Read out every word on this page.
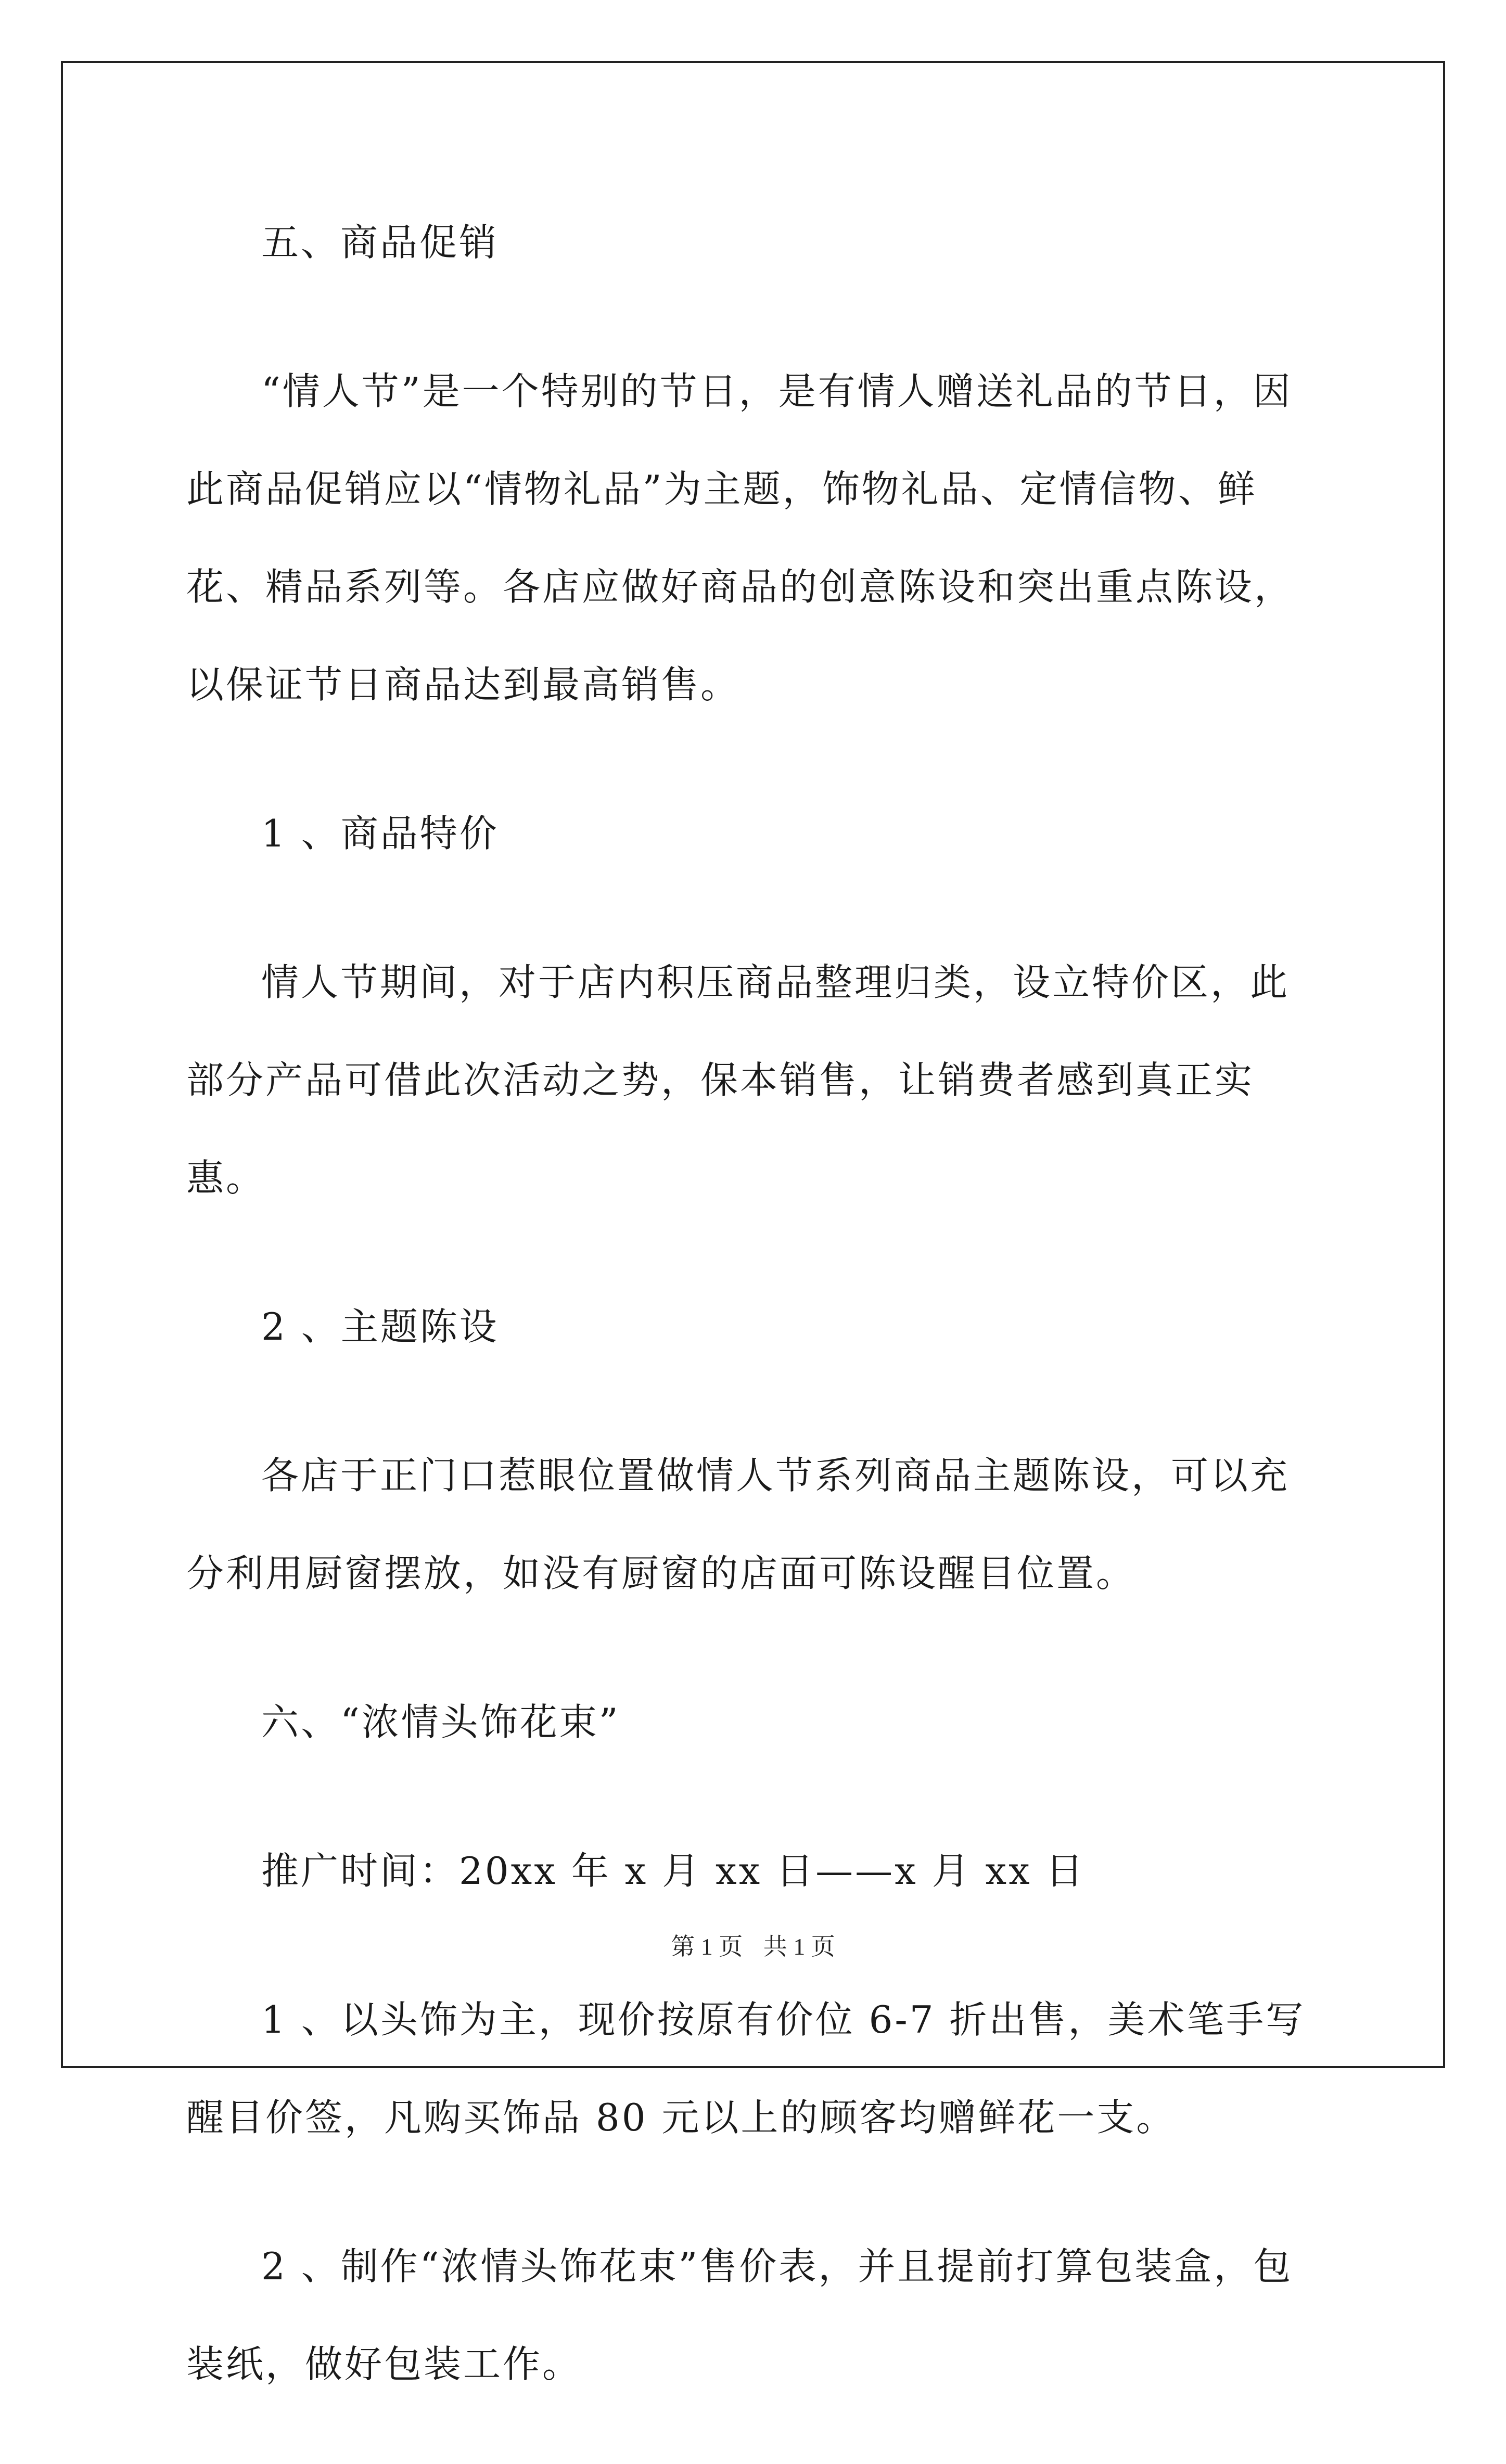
五、商品促销

“情人节”是一个特别的节日，是有情人赠送礼品的节日，因此商品促销应以“情物礼品”为主题，饰物礼品、定情信物、鲜花、精品系列等。各店应做好商品的创意陈设和突出重点陈设，以保证节日商品达到最高销售。

1 、商品特价

情人节期间，对于店内积压商品整理归类，设立特价区，此部分产品可借此次活动之势，保本销售，让销费者感到真正实惠。

2 、主题陈设

各店于正门口惹眼位置做情人节系列商品主题陈设，可以充分利用厨窗摆放，如没有厨窗的店面可陈设醒目位置。

六、“浓情头饰花束”

推广时间：20xx 年 x 月 xx 日——x 月 xx 日

1 、以头饰为主，现价按原有价位 6-7 折出售，美术笔手写醒目价签，凡购买饰品 80 元以上的顾客均赠鲜花一支。

2 、制作“浓情头饰花束”售价表，并且提前打算包装盒，包装纸，做好包装工作。

第 1 页 共 1 页
